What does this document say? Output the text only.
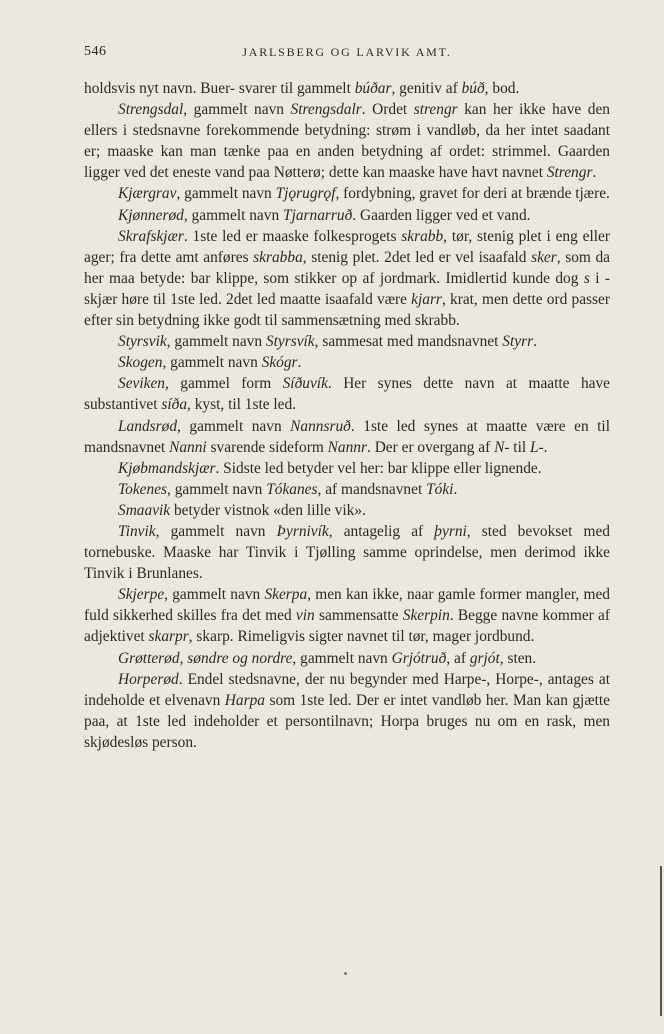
546	JARLSBERG OG LARVIK AMT.

holdsvis nyt navn. Buer- svarer til gammelt búðar, genitiv af búð, bod.

Strengsdal, gammelt navn Strengsdalr. Ordet strengr kan her ikke have den ellers i stedsnavne forekommende betydning: strøm i vandløb, da her intet saadant er; maaske kan man tænke paa en anden betydning af ordet: strimmel. Gaarden ligger ved det eneste vand paa Nøtterø; dette kan maaske have havt navnet Strengr.

Kjærgrav, gammelt navn Tjǫrugrǫf, fordybning, gravet for deri at brænde tjære.

Kjønnerød, gammelt navn Tjarnarruð. Gaarden ligger ved et vand.

Skrafskjær. 1ste led er maaske folkesprogets skrabb, tør, stenig plet i eng eller ager; fra dette amt anføres skrabba, stenig plet. 2det led er vel isaafald sker, som da her maa betyde: bar klippe, som stikker op af jordmark. Imidlertid kunde dog s i -skjær høre til 1ste led. 2det led maatte isaafald være kjarr, krat, men dette ord passer efter sin betydning ikke godt til sammensætning med skrabb.

Styrsvik, gammelt navn Styrsvík, sammesat med mandsnavnet Styrr.

Skogen, gammelt navn Skógr.

Seviken, gammel form Síðuvík. Her synes dette navn at maatte have substantivet síða, kyst, til 1ste led.

Landsrød, gammelt navn Nannsruð. 1ste led synes at maatte være en til mandsnavnet Nanni svarende sideform Nannr. Der er overgang af N- til L-.

Kjøbmandskjær. Sidste led betyder vel her: bar klippe eller lignende.

Tokenes, gammelt navn Tókanes, af mandsnavnet Tóki.

Smaavik betyder vistnok «den lille vik».

Tinvik, gammelt navn Þyrnivík, antagelig af þyrni, sted bevokset med tornebuske. Maaske har Tinvik i Tjølling samme oprindelse, men derimod ikke Tinvik i Brunlanes.

Skjerpe, gammelt navn Skerpa, men kan ikke, naar gamle former mangler, med fuld sikkerhed skilles fra det med vin sammensatte Skerpin. Begge navne kommer af adjektivet skarpr, skarp. Rimeligvis sigter navnet til tør, mager jordbund.

Grøtterød, søndre og nordre, gammelt navn Grjótruð, af grjót, sten.

Horperød. Endel stedsnavne, der nu begynder med Harpe-, Horpe-, antages at indeholde et elvenavn Harpa som 1ste led. Der er intet vandløb her. Man kan gjætte paa, at 1ste led indeholder et persontilnavn; Horpa bruges nu om en rask, men skjødesløs person.
